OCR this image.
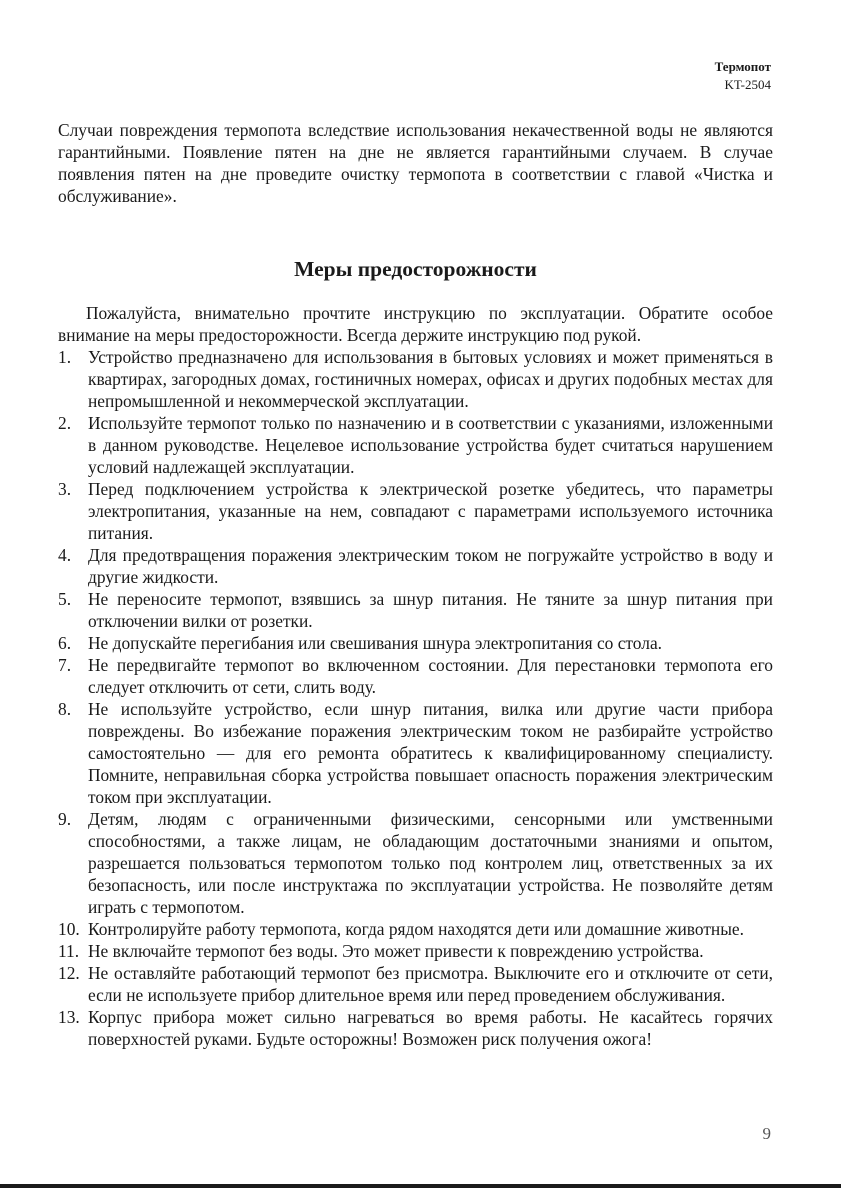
Термопот
KT-2504

Случаи повреждения термопота вследствие использования некачественной воды не являются гарантийными. Появление пятен на дне не является гарантийными случаем. В случае появления пятен на дне проведите очистку термопота в соответствии с главой «Чистка и обслуживание».

Меры предосторожности

Пожалуйста, внимательно прочтите инструкцию по эксплуатации. Обратите особое внимание на меры предосторожности. Всегда держите инструкцию под рукой.

1. Устройство предназначено для использования в бытовых условиях и может применяться в квартирах, загородных домах, гостиничных номерах, офисах и других подобных местах для непромышленной и некоммерческой эксплуатации.
2. Используйте термопот только по назначению и в соответствии с указаниями, изложенными в данном руководстве. Нецелевое использование устройства будет считаться нарушением условий надлежащей эксплуатации.
3. Перед подключением устройства к электрической розетке убедитесь, что параметры электропитания, указанные на нем, совпадают с параметрами используемого источника питания.
4. Для предотвращения поражения электрическим током не погружайте устройство в воду и другие жидкости.
5. Не переносите термопот, взявшись за шнур питания. Не тяните за шнур питания при отключении вилки от розетки.
6. Не допускайте перегибания или свешивания шнура электропитания со стола.
7. Не передвигайте термопот во включенном состоянии. Для перестановки термопота его следует отключить от сети, слить воду.
8. Не используйте устройство, если шнур питания, вилка или другие части прибора повреждены. Во избежание поражения электрическим током не разбирайте устройство самостоятельно — для его ремонта обратитесь к квалифицированному специалисту. Помните, неправильная сборка устройства повышает опасность поражения электрическим током при эксплуатации.
9. Детям, людям с ограниченными физическими, сенсорными или умственными способностями, а также лицам, не обладающим достаточными знаниями и опытом, разрешается пользоваться термопотом только под контролем лиц, ответственных за их безопасность, или после инструктажа по эксплуатации устройства. Не позволяйте детям играть с термопотом.
10. Контролируйте работу термопота, когда рядом находятся дети или домашние животные.
11. Не включайте термопот без воды. Это может привести к повреждению устройства.
12. Не оставляйте работающий термопот без присмотра. Выключите его и отключите от сети, если не используете прибор длительное время или перед проведением обслуживания.
13. Корпус прибора может сильно нагреваться во время работы. Не касайтесь горячих поверхностей руками. Будьте осторожны! Возможен риск получения ожога!
9
